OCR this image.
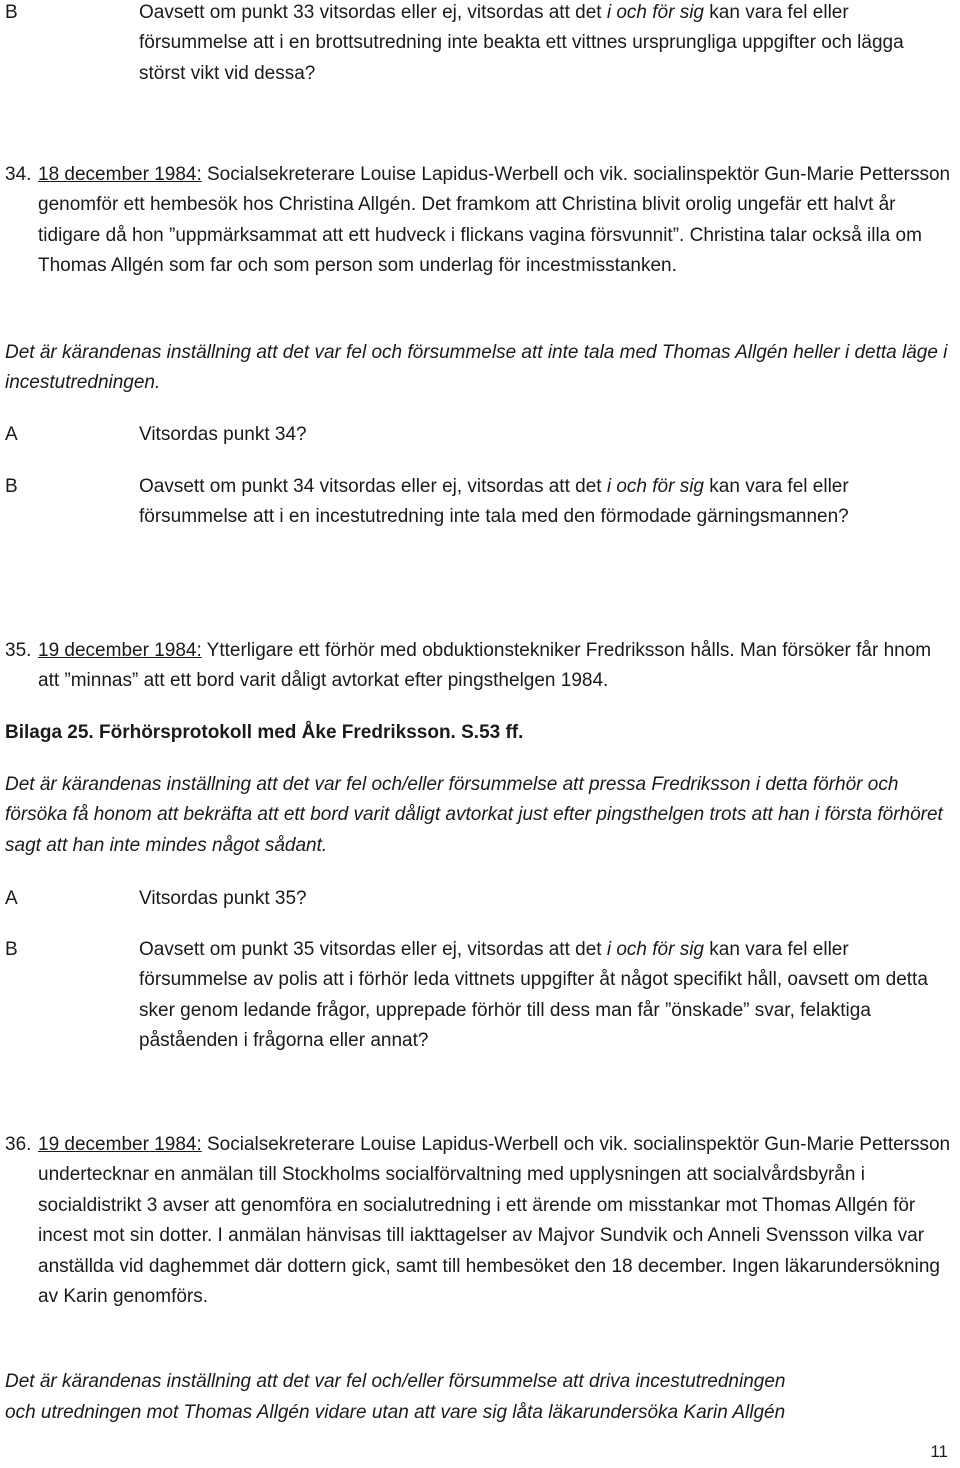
B	Oavsett om punkt 33 vitsordas eller ej, vitsordas att det i och för sig kan vara fel eller försummelse att i en brottsutredning inte beakta ett vittnes ursprungliga uppgifter och lägga störst vikt vid dessa?

34. 18 december 1984: Socialsekreterare Louise Lapidus-Werbell och vik. socialinspektör Gun-Marie Pettersson genomför ett hembesök hos Christina Allgén. Det framkom att Christina blivit orolig ungefär ett halvt år tidigare då hon ”uppmärksammat att ett hudveck i flickans vagina försvunnit”. Christina talar också illa om Thomas Allgén som far och som person som underlag för incestmisstanken.

Det är kärandenas inställning att det var fel och försummelse att inte tala med Thomas Allgén heller i detta läge i incestutredningen.

A	Vitsordas punkt 34?
B	Oavsett om punkt 34 vitsordas eller ej, vitsordas att det i och för sig kan vara fel eller försummelse att i en incestutredning inte tala med den förmodade gärningsmannen?

35. 19 december 1984: Ytterligare ett förhör med obduktionstekniker Fredriksson hålls. Man försöker får hnom att ”minnas” att ett bord varit dåligt avtorkat efter pingsthelgen 1984.

Bilaga 25. Förhörsprotokoll med Åke Fredriksson. S.53 ff.

Det är kärandenas inställning att det var fel och/eller försummelse att pressa Fredriksson i detta förhör och försöka få honom att bekräfta att ett bord varit dåligt avtorkat just efter pingsthelgen trots att han i första förhöret sagt att han inte mindes något sådant.

A	Vitsordas punkt 35?
B	Oavsett om punkt 35 vitsordas eller ej, vitsordas att det i och för sig kan vara fel eller försummelse av polis att i förhör leda vittnets uppgifter åt något specifikt håll, oavsett om detta sker genom ledande frågor, upprepade förhör till dess man får ”önskade” svar, felaktiga påståenden i frågorna eller annat?

36. 19 december 1984: Socialsekreterare Louise Lapidus-Werbell och vik. socialinspektör Gun-Marie Pettersson undertecknar en anmälan till Stockholms socialförvaltning med upplysningen att socialvårdsbyrån i socialdistrikt 3 avser att genomföra en socialutredning i ett ärende om misstankar mot Thomas Allgén för incest mot sin dotter. I anmälan hänvisas till iakttagelser av Majvor Sundvik och Anneli Svensson vilka var anställda vid daghemmet där dottern gick, samt till hembesöket den 18 december. Ingen läkarundersökning av Karin genomförs.

Det är kärandenas inställning att det var fel och/eller försummelse att driva incestutredningen
och utredningen mot Thomas Allgén vidare utan att vare sig låta läkarundersöka Karin Allgén
11
